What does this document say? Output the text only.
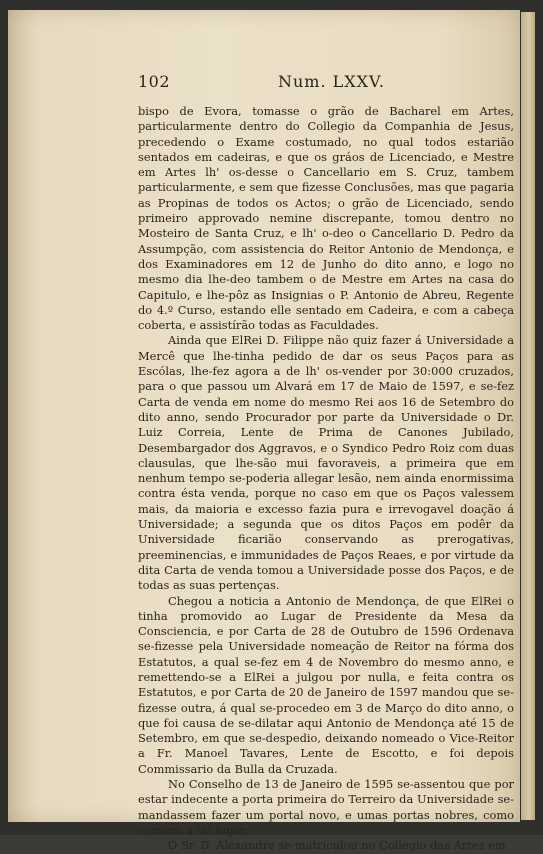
102	Num. LXXV.

bispo de Evora, tomasse o grão de Bacharel em Artes, particularmente dentro do Collegio da Companhia de Jesus, precedendo o Exame costumado, no qual todos estarião sentados em cadeiras, e que os gráos de Licenciado, e Mestre em Artes lh' os-desse o Cancellario em S. Cruz, tambem particularmente, e sem que fizesse Conclusões, mas que pagaria as Propinas de todos os Actos; o grão de Licenciado, sendo primeiro approvado nemine discrepante, tomou dentro no Mosteiro de Santa Cruz, e lh' o-deo o Cancellario D. Pedro da Assumpção, com assistencia do Reitor Antonio de Mendonça, e dos Examinadores em 12 de Junho do dito anno, e logo no mesmo dia lhe-deo tambem o de Mestre em Artes na casa do Capitulo, e lhe-pôz as Insignias o P. Antonio de Abreu, Regente do 4.º Curso, estando elle sentado em Cadeira, e com a cabeça coberta, e assistírão todas as Faculdades.

Ainda que ElRei D. Filippe não quiz fazer á Universidade a Mercê que lhe-tinha pedido de dar os seus Paços para as Escólas, lhe-fez agora a de lh' os-vender por 30:000 cruzados, para o que passou um Alvará em 17 de Maio de 1597, e se-fez Carta de venda em nome do mesmo Rei aos 16 de Setembro do dito anno, sendo Procurador por parte da Universidade o Dr. Luiz Correia, Lente de Prima de Canones Jubilado, Desembargador dos Aggravos, e o Syndico Pedro Roiz com duas clausulas, que lhe-são mui favoraveis, a primeira que em nenhum tempo se-poderia allegar lesão, nem ainda enormissima contra ésta venda, porque no caso em que os Paços valessem mais, da maioria e excesso fazia pura e irrevogavel doação á Universidade; a segunda que os ditos Paços em podêr da Universidade ficarião conservando as prerogativas, preeminencias, e immunidades de Paços Reaes, e por virtude da dita Carta de venda tomou a Universidade posse dos Paços, e de todas as suas pertenças.

Chegou a noticia a Antonio de Mendonça, de que ElRei o tinha promovido ao Lugar de Presidente da Mesa da Consciencia, e por Carta de 28 de Outubro de 1596 Ordenava se-fizesse pela Universidade nomeação de Reitor na fórma dos Estatutos, a qual se-fez em 4 de Novembro do mesmo anno, e remettendo-se a ElRei a julgou por nulla, e feita contra os Estatutos, e por Carta de 20 de Janeiro de 1597 mandou que se-fizesse outra, á qual se-procedeo em 3 de Março do dito anno, o que foi causa de se-dilatar aqui Antonio de Mendonça até 15 de Setembro, em que se-despedio, deixando nomeado o Vice-Reitor a Fr. Manoel Tavares, Lente de Escotto, e foi depois Commissario da Bulla da Cruzada.

No Conselho de 13 de Janeiro de 1595 se-assentou que por estar indecente a porta primeira do Terreiro da Universidade se-mandassem fazer um portal novo, e umas portas nobres, como convem a tal lugar.

O Sr. D. Alexandre se-matriculou no Collegio das Artes em
